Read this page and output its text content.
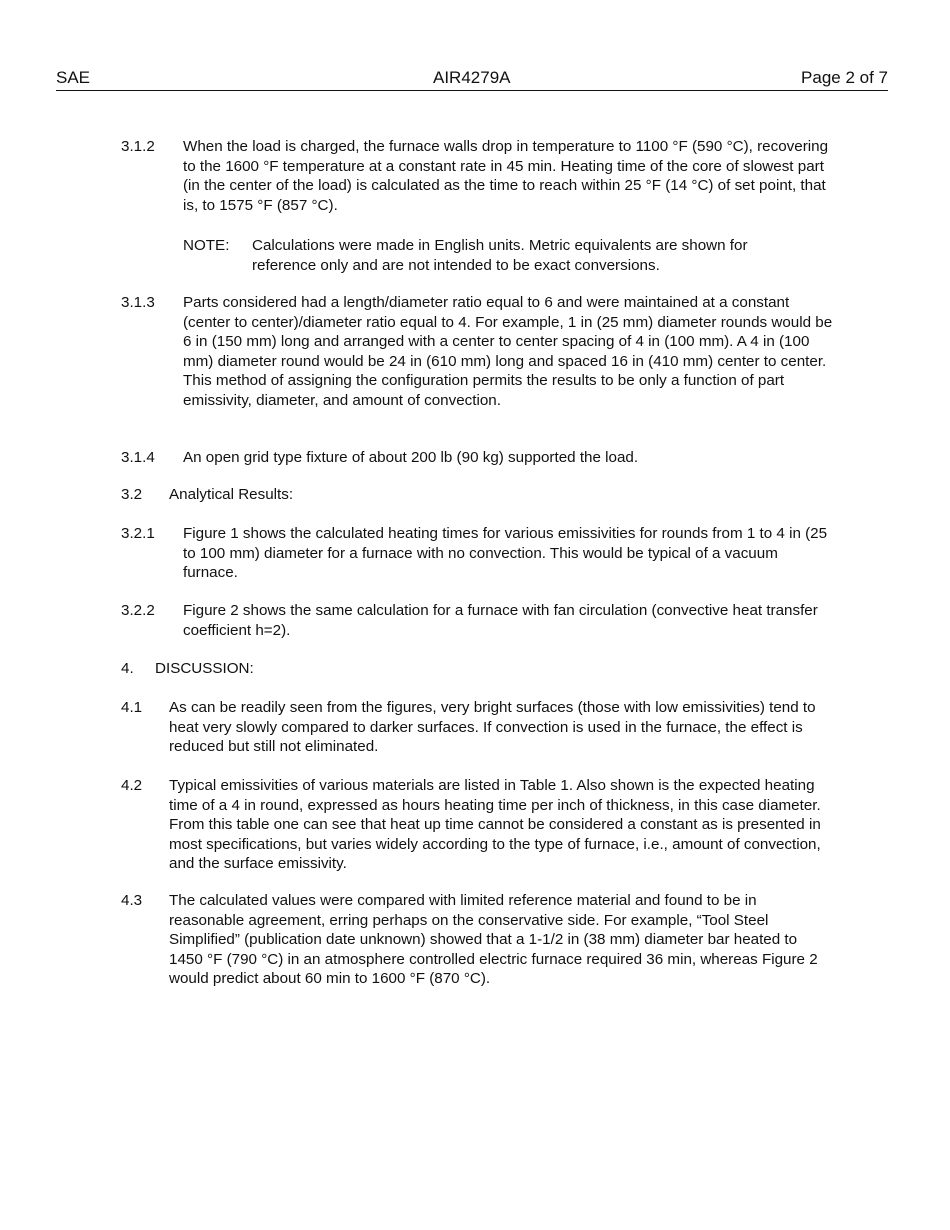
SAE	AIR4279A	Page 2 of 7
3.1.2 When the load is charged, the furnace walls drop in temperature to 1100 °F (590 °C), recovering to the 1600 °F temperature at a constant rate in 45 min. Heating time of the core of slowest part (in the center of the load) is calculated as the time to reach within 25 °F (14 °C) of set point, that is, to 1575 °F (857 °C).
NOTE: Calculations were made in English units. Metric equivalents are shown for reference only and are not intended to be exact conversions.
3.1.3 Parts considered had a length/diameter ratio equal to 6 and were maintained at a constant (center to center)/diameter ratio equal to 4. For example, 1 in (25 mm) diameter rounds would be 6 in (150 mm) long and arranged with a center to center spacing of 4 in (100 mm). A 4 in (100 mm) diameter round would be 24 in (610 mm) long and spaced 16 in (410 mm) center to center. This method of assigning the configuration permits the results to be only a function of part emissivity, diameter, and amount of convection.
3.1.4 An open grid type fixture of about 200 lb (90 kg) supported the load.
3.2 Analytical Results:
3.2.1 Figure 1 shows the calculated heating times for various emissivities for rounds from 1 to 4 in (25 to 100 mm) diameter for a furnace with no convection. This would be typical of a vacuum furnace.
3.2.2 Figure 2 shows the same calculation for a furnace with fan circulation (convective heat transfer coefficient h=2).
4. DISCUSSION:
4.1 As can be readily seen from the figures, very bright surfaces (those with low emissivities) tend to heat very slowly compared to darker surfaces. If convection is used in the furnace, the effect is reduced but still not eliminated.
4.2 Typical emissivities of various materials are listed in Table 1. Also shown is the expected heating time of a 4 in round, expressed as hours heating time per inch of thickness, in this case diameter. From this table one can see that heat up time cannot be considered a constant as is presented in most specifications, but varies widely according to the type of furnace, i.e., amount of convection, and the surface emissivity.
4.3 The calculated values were compared with limited reference material and found to be in reasonable agreement, erring perhaps on the conservative side. For example, “Tool Steel Simplified” (publication date unknown) showed that a 1-1/2 in (38 mm) diameter bar heated to 1450 °F (790 °C) in an atmosphere controlled electric furnace required 36 min, whereas Figure 2 would predict about 60 min to 1600 °F (870 °C).
